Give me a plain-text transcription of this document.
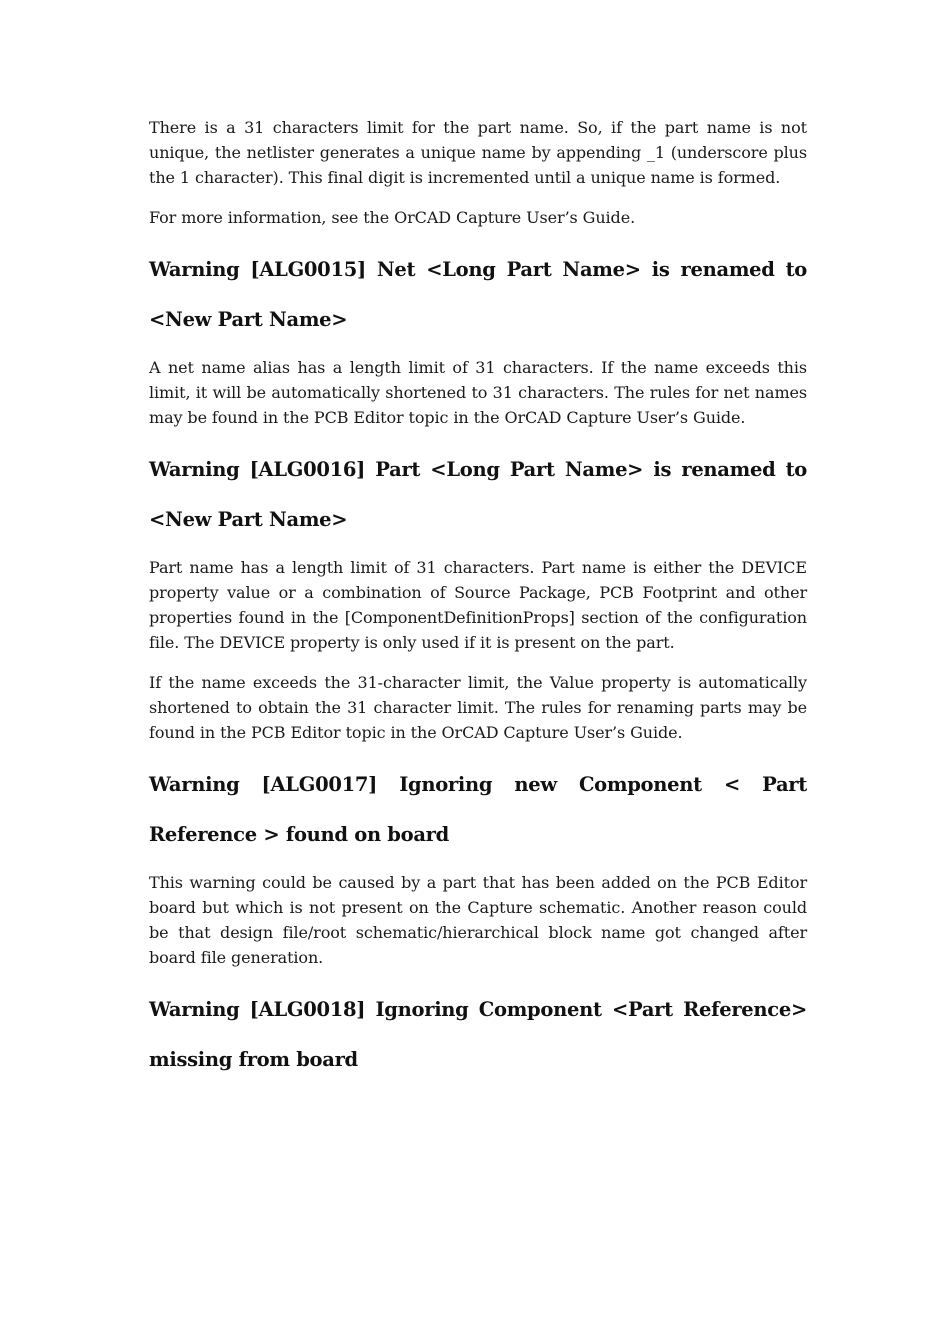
There is a 31 characters limit for the part name. So, if the part name is not unique, the netlister generates a unique name by appending _1 (underscore plus the 1 character). This final digit is incremented until a unique name is formed.

For more information, see the OrCAD Capture User’s Guide.

Warning [ALG0015] Net <Long Part Name> is renamed to <New Part Name>

A net name alias has a length limit of 31 characters. If the name exceeds this limit, it will be automatically shortened to 31 characters. The rules for net names may be found in the PCB Editor topic in the OrCAD Capture User’s Guide.

Warning [ALG0016] Part <Long Part Name> is renamed to <New Part Name>

Part name has a length limit of 31 characters. Part name is either the DEVICE property value or a combination of Source Package, PCB Footprint and other properties found in the [ComponentDefinitionProps] section of the configuration file. The DEVICE property is only used if it is present on the part.

If the name exceeds the 31-character limit, the Value property is automatically shortened to obtain the 31 character limit. The rules for renaming parts may be found in the PCB Editor topic in the OrCAD Capture User’s Guide.

Warning [ALG0017] Ignoring new Component < Part Reference > found on board

This warning could be caused by a part that has been added on the PCB Editor board but which is not present on the Capture schematic. Another reason could be that design file/root schematic/hierarchical block name got changed after board file generation.

Warning [ALG0018] Ignoring Component <Part Reference> missing from board
